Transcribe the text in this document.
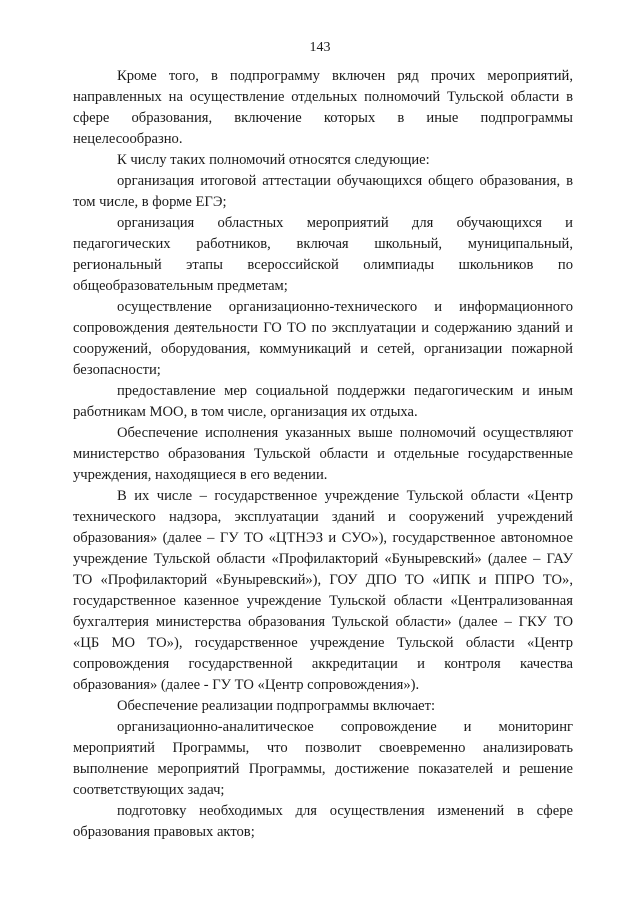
143

Кроме того, в подпрограмму включен ряд прочих мероприятий, направленных на осуществление отдельных полномочий Тульской области в сфере образования, включение которых в иные подпрограммы нецелесообразно.

К числу таких полномочий относятся следующие:

организация итоговой аттестации обучающихся общего образования, в том числе, в форме ЕГЭ;

организация областных мероприятий для обучающихся и педагогических работников, включая школьный, муниципальный, региональный этапы всероссийской олимпиады школьников по общеобразовательным предметам;

осуществление организационно-технического и информационного сопровождения деятельности ГО ТО по эксплуатации и содержанию зданий и сооружений, оборудования, коммуникаций и сетей, организации пожарной безопасности;

предоставление мер социальной поддержки педагогическим и иным работникам МОО, в том числе, организация их отдыха.

Обеспечение исполнения указанных выше полномочий осуществляют министерство образования Тульской области и отдельные государственные учреждения, находящиеся в его ведении.

В их числе – государственное учреждение Тульской области «Центр технического надзора, эксплуатации зданий и сооружений учреждений образования» (далее – ГУ ТО «ЦТНЭЗ и СУО»), государственное автономное учреждение Тульской области «Профилакторий «Буныревский» (далее – ГАУ ТО «Профилакторий «Буныревский»), ГОУ ДПО ТО «ИПК и ППРО ТО», государственное казенное учреждение Тульской области «Централизованная бухгалтерия министерства образования Тульской области» (далее – ГКУ ТО «ЦБ МО ТО»), государственное учреждение Тульской области «Центр сопровождения государственной аккредитации и контроля качества образования» (далее - ГУ ТО «Центр сопровождения»).

Обеспечение реализации подпрограммы включает:

организационно-аналитическое сопровождение и мониторинг мероприятий Программы, что позволит своевременно анализировать выполнение мероприятий Программы, достижение показателей и решение соответствующих задач;

подготовку необходимых для осуществления изменений в сфере образования правовых актов;
